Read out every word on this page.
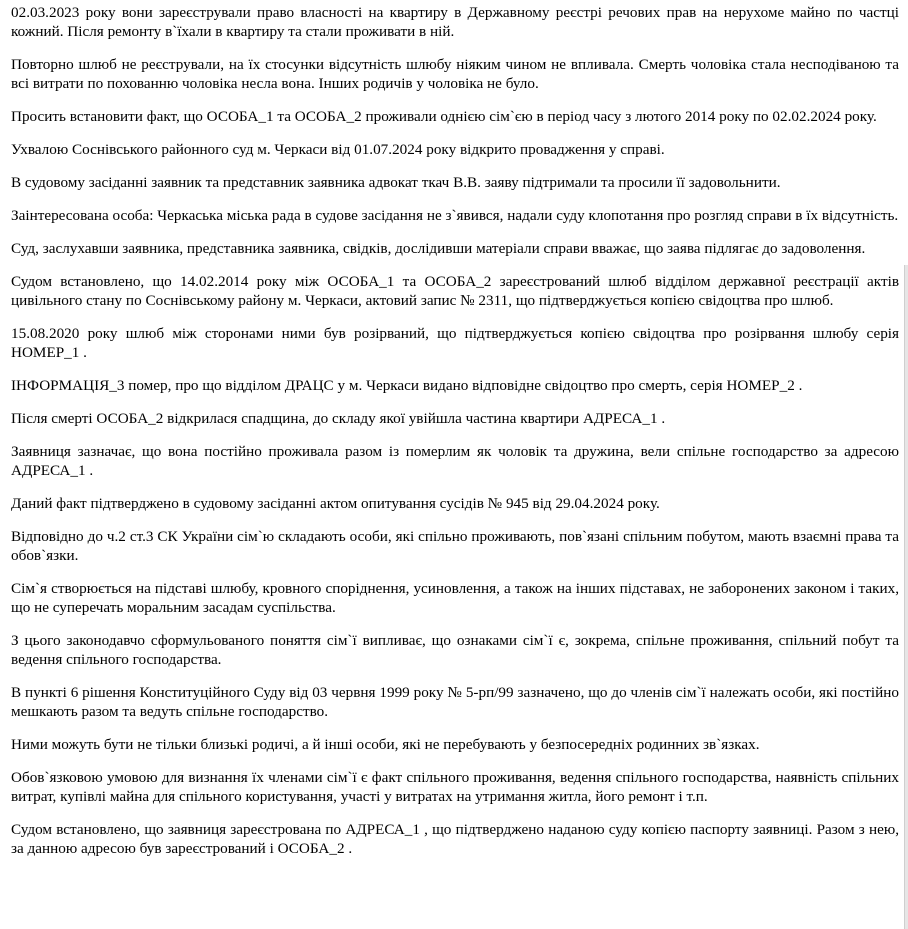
02.03.2023 року вони зареєстрували право власності на квартиру в Державному реєстрі речових прав на нерухоме майно по частці кожний. Після ремонту в`їхали в квартиру та стали проживати в ній.

Повторно шлюб не реєстрували, на їх стосунки відсутність шлюбу ніяким чином не впливала. Смерть чоловіка стала несподіваною та всі витрати по похованню чоловіка несла вона. Інших родичів у чоловіка не було.

Просить встановити факт, що ОСОБА_1 та ОСОБА_2 проживали однією сім`єю в період часу з лютого 2014 року по 02.02.2024 року.

Ухвалою Соснівського районного суд м. Черкаси від 01.07.2024 року відкрито провадження у справі.

В судовому засіданні заявник та представник заявника адвокат ткач В.В. заяву підтримали та просили її задовольнити.

Заінтересована особа: Черкаська міська рада в судове засідання не з`явився, надали суду клопотання про розгляд справи в їх відсутність.

Суд, заслухавши заявника, представника заявника, свідків, дослідивши матеріали справи вважає, що заява підлягає до задоволення.

Судом встановлено, що 14.02.2014 року між ОСОБА_1 та ОСОБА_2 зареєстрований шлюб відділом державної реєстрації актів цивільного стану по Соснівському району м. Черкаси, актовий запис № 2311, що підтверджується копією свідоцтва про шлюб.

15.08.2020 року шлюб між сторонами ними був розірваний, що підтверджується копією свідоцтва про розірвання шлюбу серія НОМЕР_1 .

ІНФОРМАЦІЯ_3 помер, про що відділом ДРАЦС у м. Черкаси видано відповідне свідоцтво про смерть, серія НОМЕР_2 .

Після смерті ОСОБА_2 відкрилася спадщина, до складу якої увійшла частина квартири АДРЕСА_1 .

Заявниця зазначає, що вона постійно проживала разом із померлим як чоловік та дружина, вели спільне господарство за адресою АДРЕСА_1 .

Даний факт підтверджено в судовому засіданні актом опитування сусідів № 945 від 29.04.2024 року.

Відповідно до ч.2 ст.3 СК України сім`ю складають особи, які спільно проживають, пов`язані спільним побутом, мають взаємні права та обов`язки.

Сім`я створюється на підставі шлюбу, кровного споріднення, усиновлення, а також на інших підставах, не заборонених законом і таких, що не суперечать моральним засадам суспільства.

З цього законодавчо сформульованого поняття сім`ї випливає, що ознаками сім`ї є, зокрема, спільне проживання, спільний побут та ведення спільного господарства.

В пункті 6 рішення Конституційного Суду від 03 червня 1999 року № 5-рп/99 зазначено, що до членів сім`ї належать особи, які постійно мешкають разом та ведуть спільне господарство.

Ними можуть бути не тільки близькі родичі, а й інші особи, які не перебувають у безпосередніх родинних зв`язках.

Обов`язковою умовою для визнання їх членами сім`ї є факт спільного проживання, ведення спільного господарства, наявність спільних витрат, купівлі майна для спільного користування, участі у витратах на утримання житла, його ремонт і т.п.

Судом встановлено, що заявниця зареєстрована по АДРЕСА_1 , що підтверджено наданою суду копією паспорту заявниці. Разом з нею, за данною адресою був зареєстрований і ОСОБА_2 .
